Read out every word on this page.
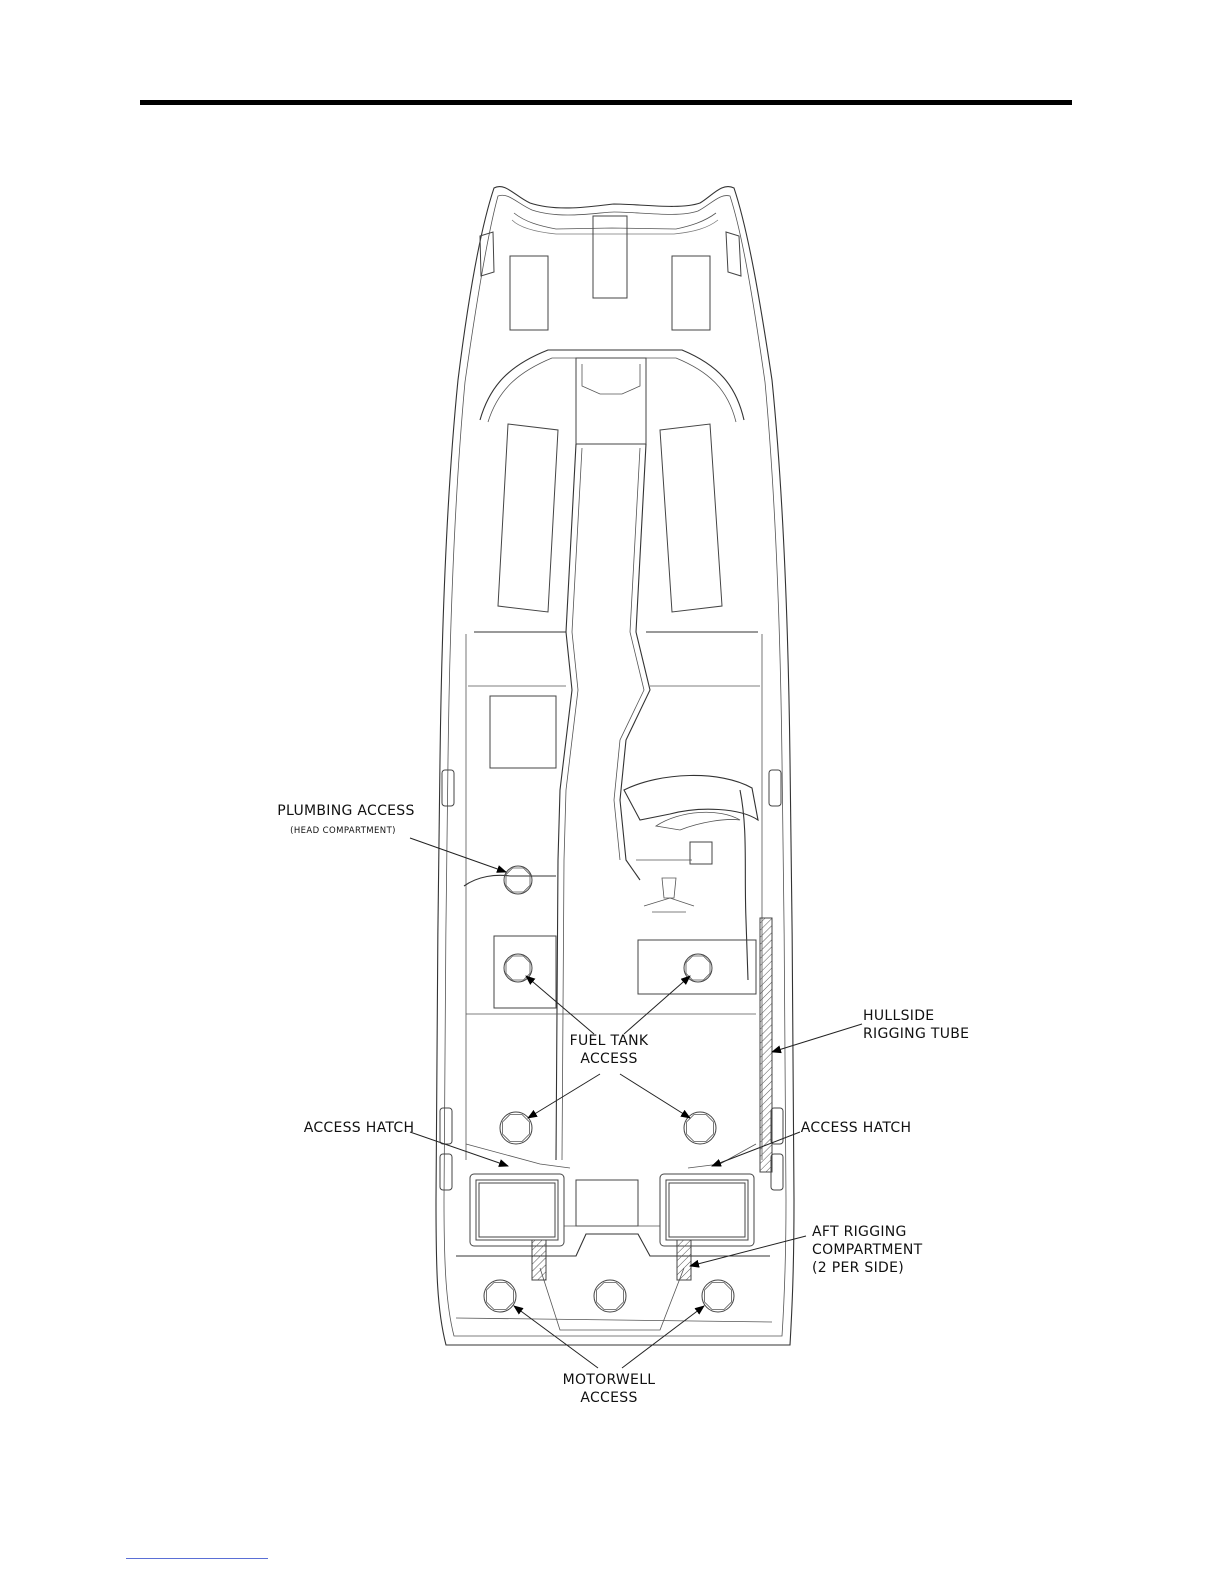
PLUMBING ACCESS
(HEAD COMPARTMENT)
FUEL TANK
ACCESS
ACCESS HATCH	ACCESS HATCH
HULLSIDE
RIGGING TUBE
AFT RIGGING
COMPARTMENT
(2 PER SIDE)
MOTORWELL
ACCESS
